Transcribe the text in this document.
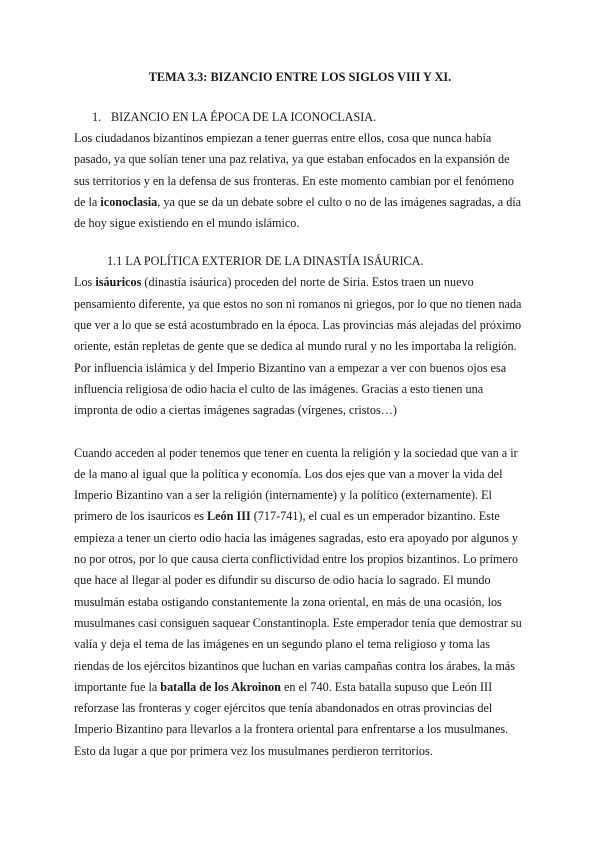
TEMA 3.3: BIZANCIO ENTRE LOS SIGLOS VIII Y XI.
1. BIZANCIO EN LA ÉPOCA DE LA ICONOCLASIA.

Los ciudadanos bizantinos empiezan a tener guerras entre ellos, cosa que nunca había pasado, ya que solían tener una paz relativa, ya que estaban enfocados en la expansión de sus territorios y en la defensa de sus fronteras. En este momento cambian por el fenómeno de la iconoclasia, ya que se da un debate sobre el culto o no de las imágenes sagradas, a día de hoy sigue existiendo en el mundo islámico.

1.1 LA POLÍTICA EXTERIOR DE LA DINASTÍA ISÁURICA.

Los isáuricos (dinastía isáurica) proceden del norte de Siria. Estos traen un nuevo pensamiento diferente, ya que estos no son ni romanos ni griegos, por lo que no tienen nada que ver a lo que se está acostumbrado en la época. Las provincias más alejadas del próximo oriente, están repletas de gente que se dedica al mundo rural y no les importaba la religión. Por influencia islámica y del Imperio Bizantino van a empezar a ver con buenos ojos esa influencia religiosa de odio hacia el culto de las imágenes. Gracias a esto tienen una impronta de odio a ciertas imágenes sagradas (vírgenes, cristos…)

Cuando acceden al poder tenemos que tener en cuenta la religión y la sociedad que van a ir de la mano al igual que la política y economía. Los dos ejes que van a mover la vida del Imperio Bizantino van a ser la religión (internamente) y la político (externamente). El primero de los isauricos es León III (717-741), el cual es un emperador bizantino. Este empieza a tener un cierto odio hacia las imágenes sagradas, esto era apoyado por algunos y no por otros, por lo que causa cierta conflictividad entre los propios bizantinos. Lo primero que hace al llegar al poder es difundir su discurso de odio hacia lo sagrado. El mundo musulmán estaba ostigando constantemente la zona oriental, en más de una ocasión, los musulmanes casi consiguen saquear Constantinopla. Este emperador tenía que demostrar su valía y deja el tema de las imágenes en un segundo plano el tema religioso y toma las riendas de los ejércitos bizantinos que luchan en varias campañas contra los árabes, la más importante fue la batalla de los Akroinon en el 740. Esta batalla supuso que León III reforzase las fronteras y coger ejércitos que tenía abandonados en otras provincias del Imperio Bizantino para llevarlos a la frontera oriental para enfrentarse a los musulmanes. Esto da lugar a que por primera vez los musulmanes perdieron territorios.
